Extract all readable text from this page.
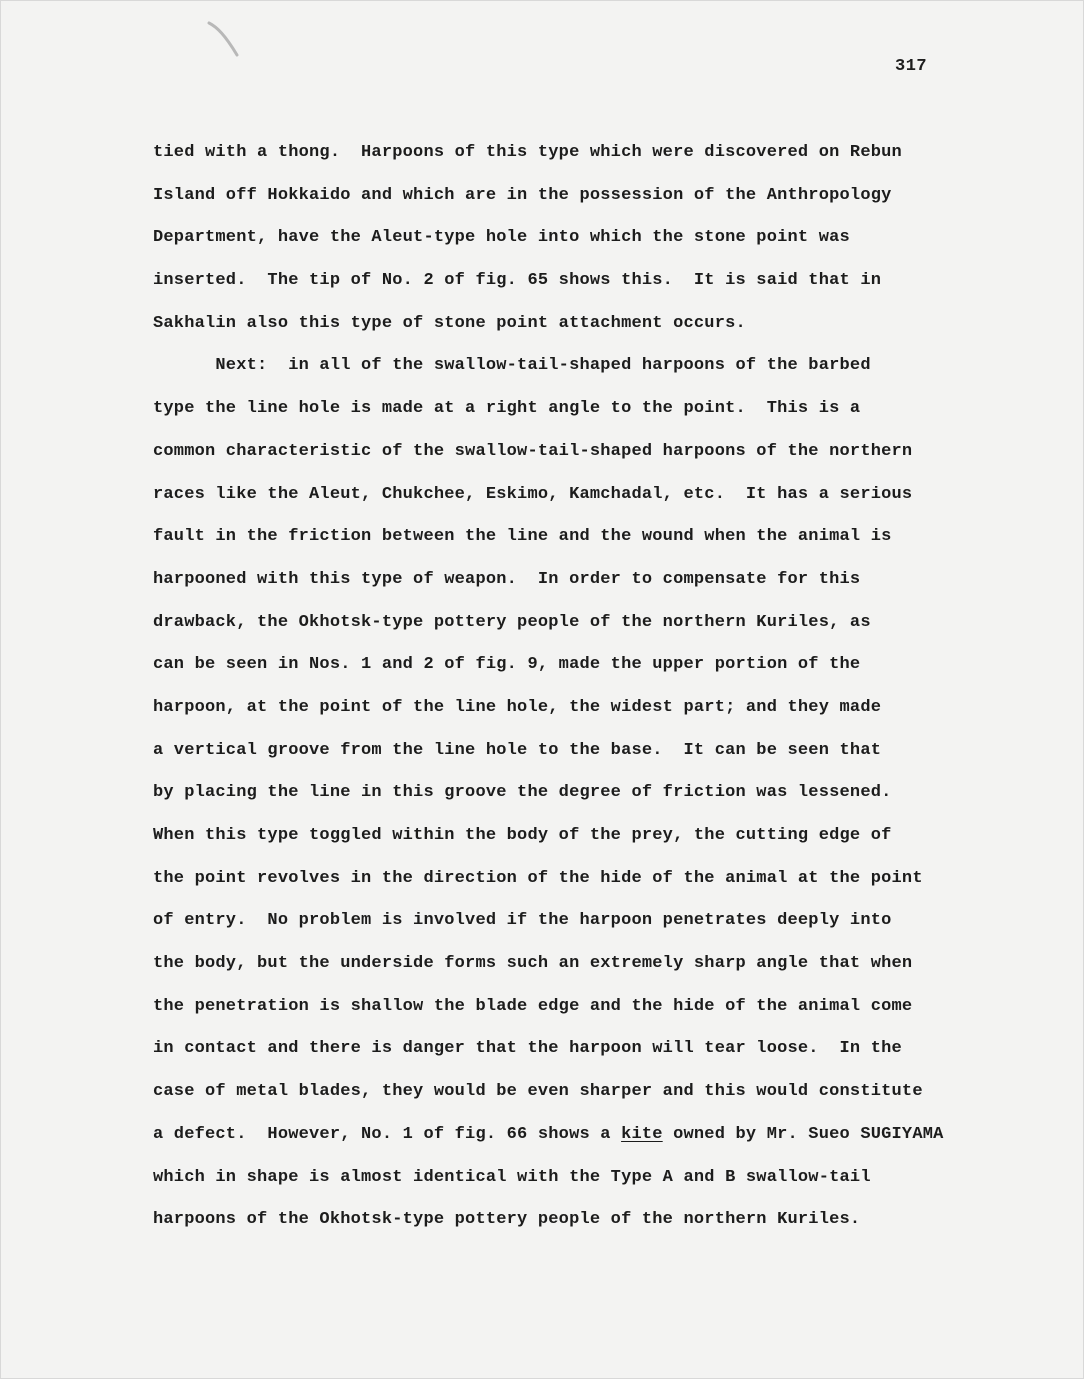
317
tied with a thong.  Harpoons of this type which were discovered on Rebun
Island off Hokkaido and which are in the possession of the Anthropology
Department, have the Aleut-type hole into which the stone point was
inserted.  The tip of No. 2 of fig. 65 shows this.  It is said that in
Sakhalin also this type of stone point attachment occurs.
Next:  in all of the swallow-tail-shaped harpoons of the barbed
type the line hole is made at a right angle to the point.  This is a
common characteristic of the swallow-tail-shaped harpoons of the northern
races like the Aleut, Chukchee, Eskimo, Kamchadal, etc.  It has a serious
fault in the friction between the line and the wound when the animal is
harpooned with this type of weapon.  In order to compensate for this
drawback, the Okhotsk-type pottery people of the northern Kuriles, as
can be seen in Nos. 1 and 2 of fig. 9, made the upper portion of the
harpoon, at the point of the line hole, the widest part; and they made
a vertical groove from the line hole to the base.  It can be seen that
by placing the line in this groove the degree of friction was lessened.
When this type toggled within the body of the prey, the cutting edge of
the point revolves in the direction of the hide of the animal at the point
of entry.  No problem is involved if the harpoon penetrates deeply into
the body, but the underside forms such an extremely sharp angle that when
the penetration is shallow the blade edge and the hide of the animal come
in contact and there is danger that the harpoon will tear loose.  In the
case of metal blades, they would be even sharper and this would constitute
a defect.  However, No. 1 of fig. 66 shows a kite owned by Mr. Sueo SUGIYAMA
which in shape is almost identical with the Type A and B swallow-tail
harpoons of the Okhotsk-type pottery people of the northern Kuriles.
